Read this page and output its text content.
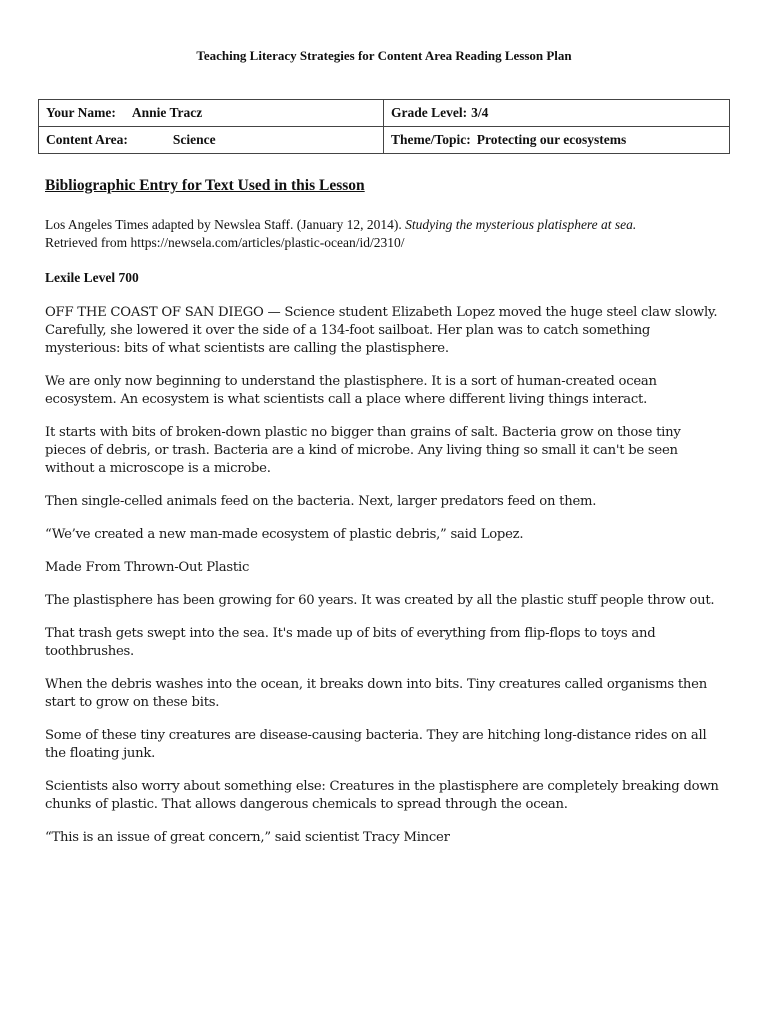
Teaching Literacy Strategies for Content Area Reading Lesson Plan
Your Name: Annie Tracz	Grade Level: 3/4
Content Area: Science	Theme/Topic: Protecting our ecosystems
Bibliographic Entry for Text Used in this Lesson
Los Angeles Times adapted by Newslea Staff. (January 12, 2014). Studying the mysterious platisphere at sea.
Retrieved from https://newsela.com/articles/plastic-ocean/id/2310/
Lexile Level 700

OFF THE COAST OF SAN DIEGO — Science student Elizabeth Lopez moved the huge steel claw slowly. Carefully, she lowered it over the side of a 134-foot sailboat. Her plan was to catch something mysterious: bits of what scientists are calling the plastisphere.

We are only now beginning to understand the plastisphere. It is a sort of human-created ocean ecosystem. An ecosystem is what scientists call a place where different living things interact.

It starts with bits of broken-down plastic no bigger than grains of salt. Bacteria grow on those tiny pieces of debris, or trash. Bacteria are a kind of microbe. Any living thing so small it can't be seen without a microscope is a microbe.

Then single-celled animals feed on the bacteria. Next, larger predators feed on them.

“We’ve created a new man-made ecosystem of plastic debris,” said Lopez.

Made From Thrown-Out Plastic

The plastisphere has been growing for 60 years. It was created by all the plastic stuff people throw out.

That trash gets swept into the sea. It's made up of bits of everything from flip-flops to toys and toothbrushes.

When the debris washes into the ocean, it breaks down into bits. Tiny creatures called organisms then start to grow on these bits.

Some of these tiny creatures are disease-causing bacteria. They are hitching long-distance rides on all the floating junk.

Scientists also worry about something else: Creatures in the plastisphere are completely breaking down chunks of plastic. That allows dangerous chemicals to spread through the ocean.

“This is an issue of great concern,” said scientist Tracy Mincer
